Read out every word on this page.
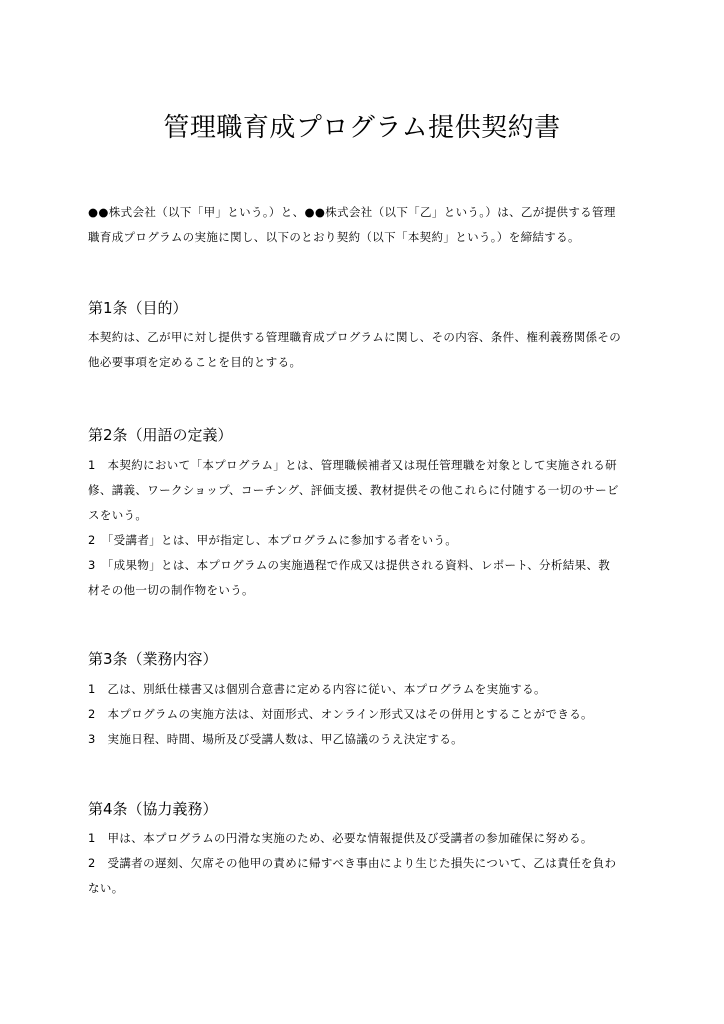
管理職育成プログラム提供契約書
●●株式会社（以下「甲」という。）と、●●株式会社（以下「乙」という。）は、乙が提供する管理
職育成プログラムの実施に関し、以下のとおり契約（以下「本契約」という。）を締結する。
第1条（目的）
本契約は、乙が甲に対し提供する管理職育成プログラムに関し、その内容、条件、権利義務関係その
他必要事項を定めることを目的とする。
第2条（用語の定義）
1　本契約において「本プログラム」とは、管理職候補者又は現任管理職を対象として実施される研
修、講義、ワークショップ、コーチング、評価支援、教材提供その他これらに付随する一切のサービ
スをいう。
2　「受講者」とは、甲が指定し、本プログラムに参加する者をいう。
3　「成果物」とは、本プログラムの実施過程で作成又は提供される資料、レポート、分析結果、教
材その他一切の制作物をいう。
第3条（業務内容）
1　乙は、別紙仕様書又は個別合意書に定める内容に従い、本プログラムを実施する。
2　本プログラムの実施方法は、対面形式、オンライン形式又はその併用とすることができる。
3　実施日程、時間、場所及び受講人数は、甲乙協議のうえ決定する。
第4条（協力義務）
1　甲は、本プログラムの円滑な実施のため、必要な情報提供及び受講者の参加確保に努める。
2　受講者の遅刻、欠席その他甲の責めに帰すべき事由により生じた損失について、乙は責任を負わ
ない。
